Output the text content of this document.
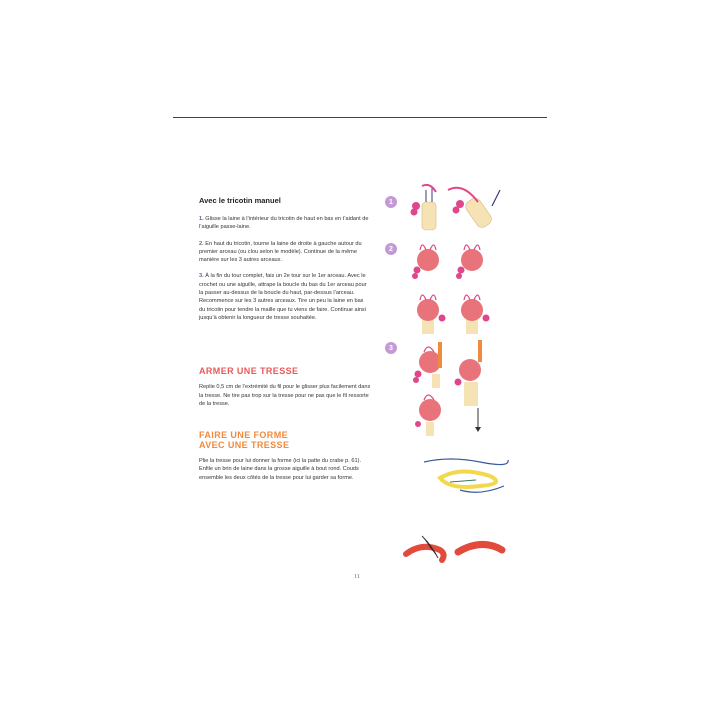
Avec le tricotin manuel

1. Glisse la laine à l’intérieur du tricotin de haut en bas en t’aidant de l’aiguille passe-laine.

2. En haut du tricotin, tourne la laine de droite à gauche autour du premier arceau (ou clou selon le modèle). Continue de la même manière sur les 3 autres arceaux.

3. À la fin du tour complet, fais un 2e tour sur le 1er arceau. Avec le crochet ou une aiguille, attrape la boucle du bas du 1er arceau pour la passer au-dessus de la boucle du haut, par-dessus l’arceau. Recommence sur les 3 autres arceaux. Tire un peu la laine en bas du tricotin pour tendre la maille que tu viens de faire. Continue ainsi jusqu’à obtenir la longueur de tresse souhaitée.

ARMER UNE TRESSE

Replie 0,5 cm de l’extrémité du fil pour le glisser plus facilement dans la tresse. Ne tire pas trop sur la tresse pour ne pas que le fil ressorte de la tresse.

FAIRE UNE FORME
AVEC UNE TRESSE

Plie la tresse pour lui donner la forme (ici la patte du crabe p. 61). Enfile un brin de laine dans la grosse aiguille à bout rond. Couds ensemble les deux côtés de la tresse pour lui garder sa forme.

11
1
2
3
